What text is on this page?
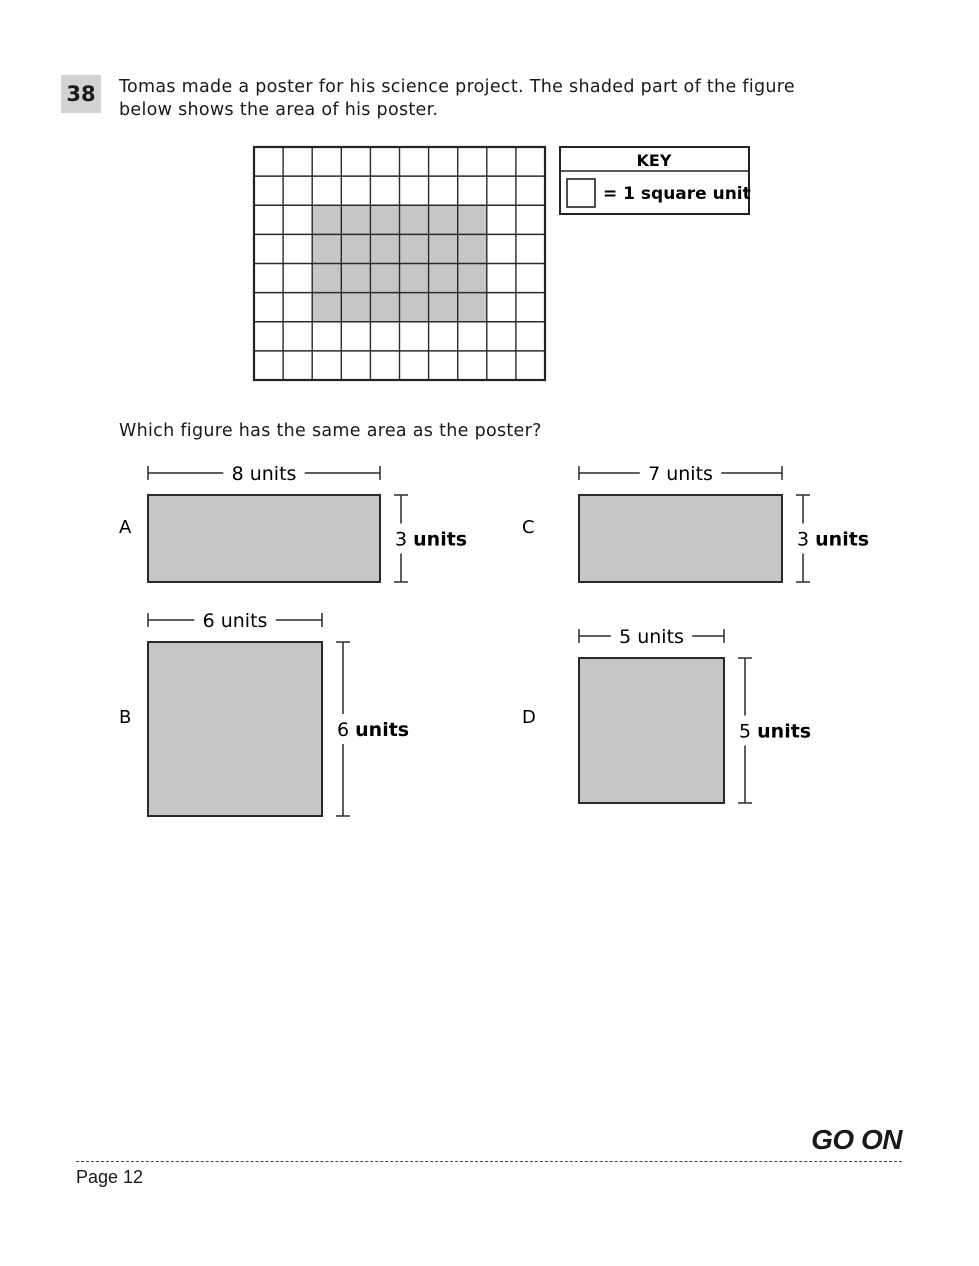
38	Tomas made a poster for his science project. The shaded part of the figure
below shows the area of his poster.
KEY
= 1 square unit
Which figure has the same area as the poster?
A
8 units
3 units
B
6 units
6 units
C
7 units
3 units
D
5 units
5 units
GO ON
Page 12
